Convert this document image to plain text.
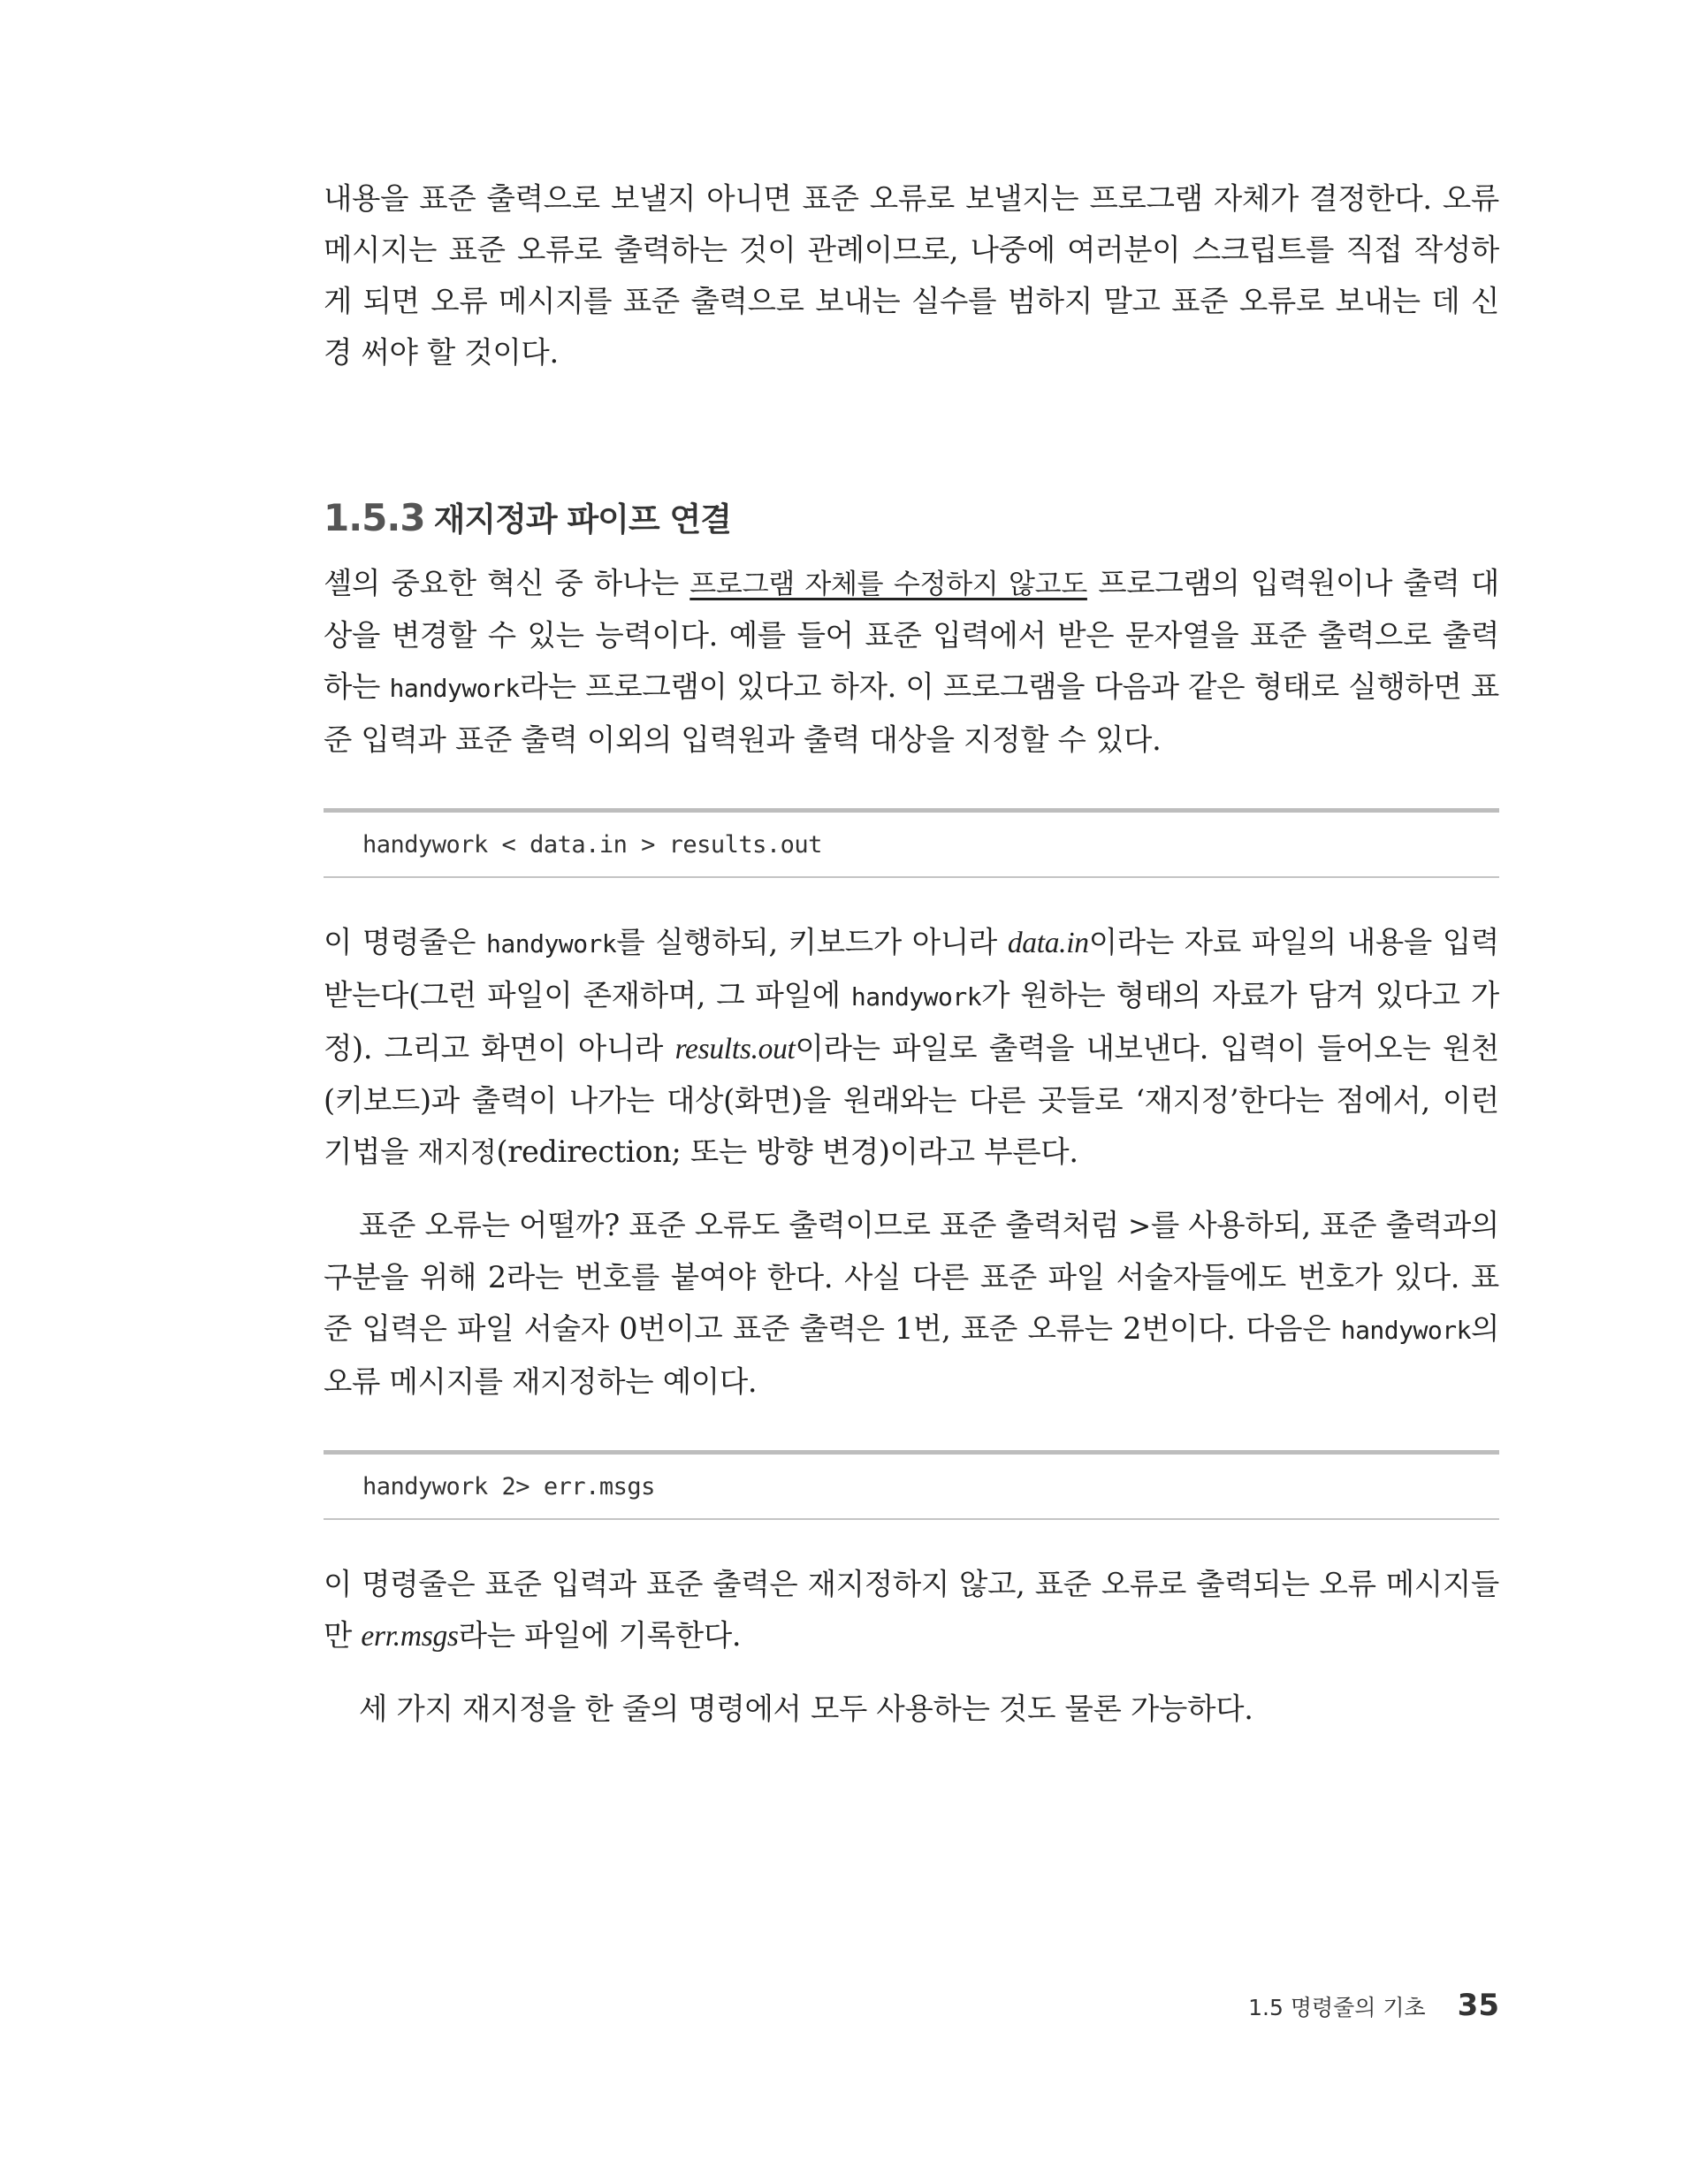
내용을 표준 출력으로 보낼지 아니면 표준 오류로 보낼지는 프로그램 자체가 결정한다. 오류 메시지는 표준 오류로 출력하는 것이 관례이므로, 나중에 여러분이 스크립트를 직접 작성하게 되면 오류 메시지를 표준 출력으로 보내는 실수를 범하지 말고 표준 오류로 보내는 데 신경 써야 할 것이다.

1.5.3 재지정과 파이프 연결

셸의 중요한 혁신 중 하나는 프로그램 자체를 수정하지 않고도 프로그램의 입력원이나 출력 대상을 변경할 수 있는 능력이다. 예를 들어 표준 입력에서 받은 문자열을 표준 출력으로 출력하는 handywork라는 프로그램이 있다고 하자. 이 프로그램을 다음과 같은 형태로 실행하면 표준 입력과 표준 출력 이외의 입력원과 출력 대상을 지정할 수 있다.

handywork < data.in > results.out

이 명령줄은 handywork를 실행하되, 키보드가 아니라 data.in이라는 자료 파일의 내용을 입력받는다(그런 파일이 존재하며, 그 파일에 handywork가 원하는 형태의 자료가 담겨 있다고 가정). 그리고 화면이 아니라 results.out이라는 파일로 출력을 내보낸다. 입력이 들어오는 원천(키보드)과 출력이 나가는 대상(화면)을 원래와는 다른 곳들로 ‘재지정’한다는 점에서, 이런 기법을 재지정(redirection; 또는 방향 변경)이라고 부른다.

표준 오류는 어떨까? 표준 오류도 출력이므로 표준 출력처럼 >를 사용하되, 표준 출력과의 구분을 위해 2라는 번호를 붙여야 한다. 사실 다른 표준 파일 서술자들에도 번호가 있다. 표준 입력은 파일 서술자 0번이고 표준 출력은 1번, 표준 오류는 2번이다. 다음은 handywork의 오류 메시지를 재지정하는 예이다.

handywork 2> err.msgs

이 명령줄은 표준 입력과 표준 출력은 재지정하지 않고, 표준 오류로 출력되는 오류 메시지들만 err.msgs라는 파일에 기록한다.

세 가지 재지정을 한 줄의 명령에서 모두 사용하는 것도 물론 가능하다.

1.5 명령줄의 기초 35
